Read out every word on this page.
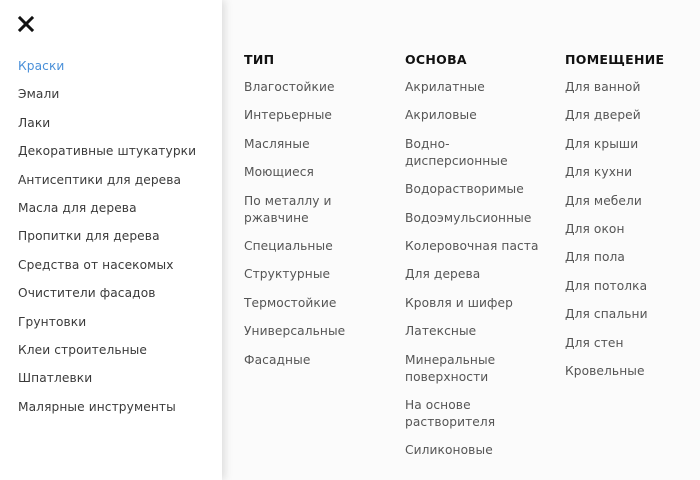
Краски
Эмали
Лаки
Декоративные штукатурки
Антисептики для дерева
Масла для дерева
Пропитки для дерева
Средства от насекомых
Очистители фасадов
Грунтовки
Клеи строительные
Шпатлевки
Малярные инструменты
ТИП
Влагостойкие
Интерьерные
Масляные
Моющиеся
По металлу и ржавчине
Специальные
Структурные
Термостойкие
Универсальные
Фасадные
ОСНОВА
Акрилатные
Акриловые
Водно-дисперсионные
Водорастворимые
Водоэмульсионные
Колеровочная паста
Для дерева
Кровля и шифер
Латексные
Минеральные поверхности
На основе растворителя
Силиконовые
ПОМЕЩЕНИЕ
Для ванной
Для дверей
Для крыши
Для кухни
Для мебели
Для окон
Для пола
Для потолка
Для спальни
Для стен
Кровельные
